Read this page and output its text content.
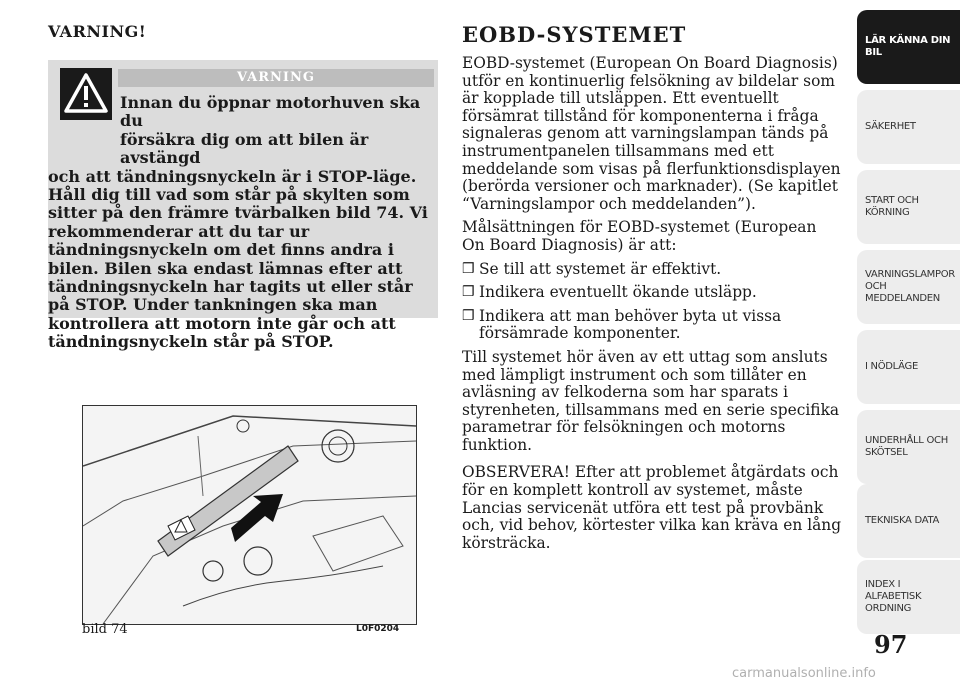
VARNING!
VARNING
Innan du öppnar motorhuven ska du
försäkra dig om att bilen är avstängd
och att tändningsnyckeln är i STOP-läge. Håll dig till vad som står på skylten som sitter på den främre tvärbalken bild 74. Vi rekommenderar att du tar ur tändningsnyckeln om det finns andra i bilen. Bilen ska endast lämnas efter att tändningsnyckeln har tagits ut eller står på STOP. Under tankningen ska man kontrollera att motorn inte går och att tändningsnyckeln står på STOP.
bild 74	L0F0204
EOBD-SYSTEMET

EOBD-systemet (European On Board Diagnosis) utför en kontinuerlig felsökning av bildelar som är kopplade till utsläppen. Ett eventuellt försämrat tillstånd för komponenterna i fråga signaleras genom att varningslampan tänds på instrumentpanelen tillsammans med ett meddelande som visas på flerfunktionsdisplayen (berörda versioner och marknader). (Se kapitlet “Varningslampor och meddelanden”).

Målsättningen för EOBD-systemet (European On Board Diagnosis) är att:

❒ Se till att systemet är effektivt.
❒ Indikera eventuellt ökande utsläpp.
❒ Indikera att man behöver byta ut vissa försämrade komponenter.

Till systemet hör även av ett uttag som ansluts med lämpligt instrument och som tillåter en avläsning av felkoderna som har sparats i styrenheten, tillsammans med en serie specifika parametrar för felsökningen och motorns funktion.

OBSERVERA! Efter att problemet åtgärdats och för en komplett kontroll av systemet, måste Lancias servicenät utföra ett test på provbänk och, vid behov, körtester vilka kan kräva en lång körsträcka.

LÄR KÄNNA DIN
BIL
SÄKERHET
START OCH
KÖRNING
VARNINGSLAMPOR
OCH
MEDDELANDEN
I NÖDLÄGE
UNDERHÅLL OCH
SKÖTSEL
TEKNISKA DATA
INDEX I
ALFABETISK
ORDNING
97
carmanualsonline.info
